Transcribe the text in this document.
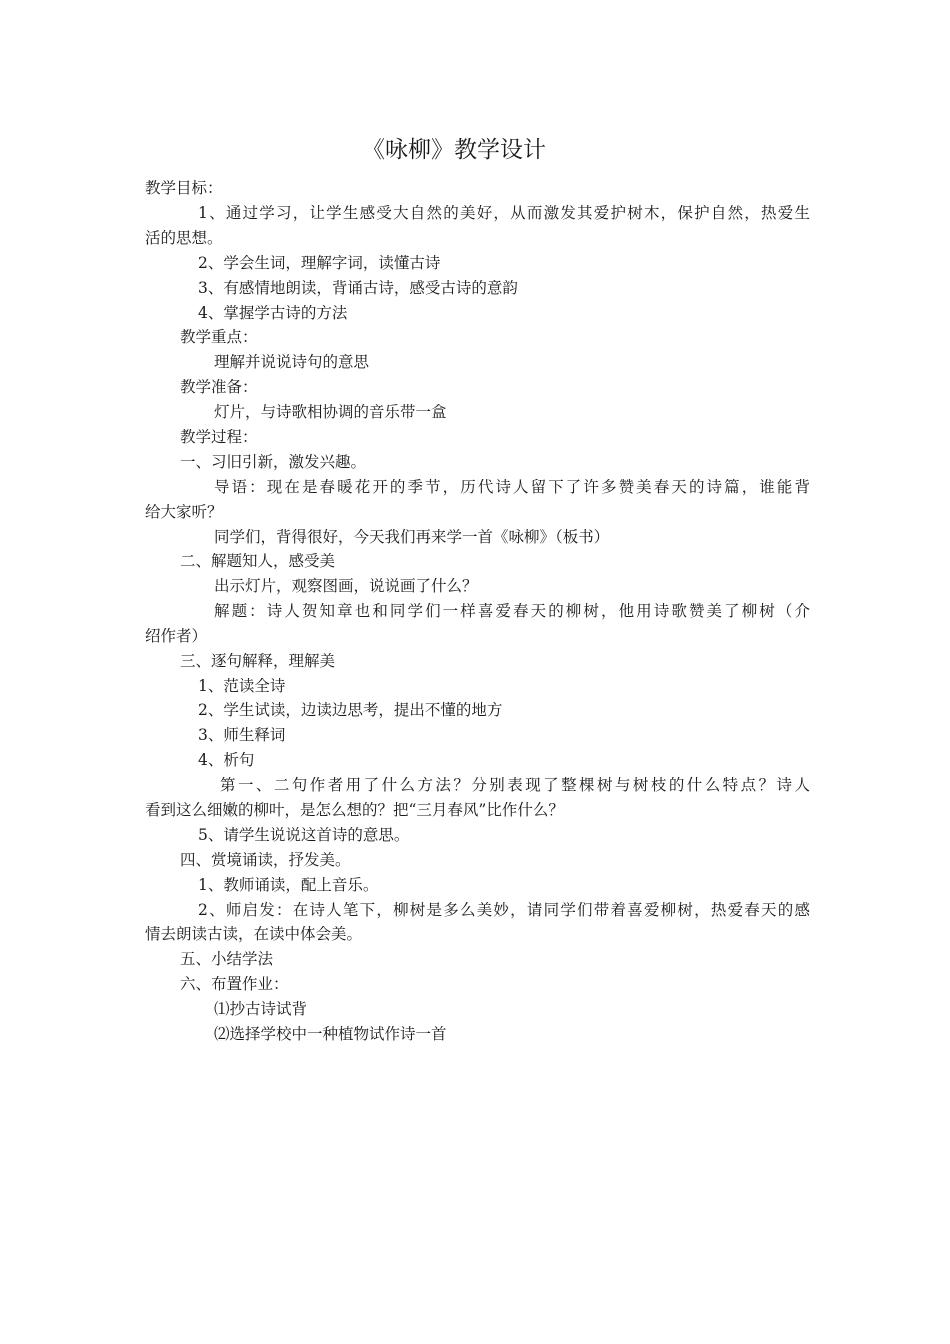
《咏柳》教学设计
教学目标：
1、通过学习，让学生感受大自然的美好，从而激发其爱护树木，保护自然，热爱生
活的思想。
2、学会生词，理解字词，读懂古诗
3、有感情地朗读，背诵古诗，感受古诗的意韵
4、掌握学古诗的方法
教学重点：
理解并说说诗句的意思
教学准备：
灯片，与诗歌相协调的音乐带一盒
教学过程：
一、习旧引新，激发兴趣。
导语：现在是春暖花开的季节，历代诗人留下了许多赞美春天的诗篇，谁能背
给大家听？
同学们，背得很好，今天我们再来学一首《咏柳》（板书）
二、解题知人，感受美
出示灯片，观察图画，说说画了什么？
解题：诗人贺知章也和同学们一样喜爱春天的柳树，他用诗歌赞美了柳树（介
绍作者）
三、逐句解释，理解美
1、范读全诗
2、学生试读，边读边思考，提出不懂的地方
3、师生释词
4、析句
第一、二句作者用了什么方法？分别表现了整棵树与树枝的什么特点？诗人
看到这么细嫩的柳叶，是怎么想的？把“三月春风”比作什么？
5、请学生说说这首诗的意思。
四、赏境诵读，抒发美。
1、教师诵读，配上音乐。
2、师启发：在诗人笔下，柳树是多么美妙，请同学们带着喜爱柳树，热爱春天的感
情去朗读古读，在读中体会美。
五、小结学法
六、布置作业：
⑴抄古诗试背
⑵选择学校中一种植物试作诗一首
